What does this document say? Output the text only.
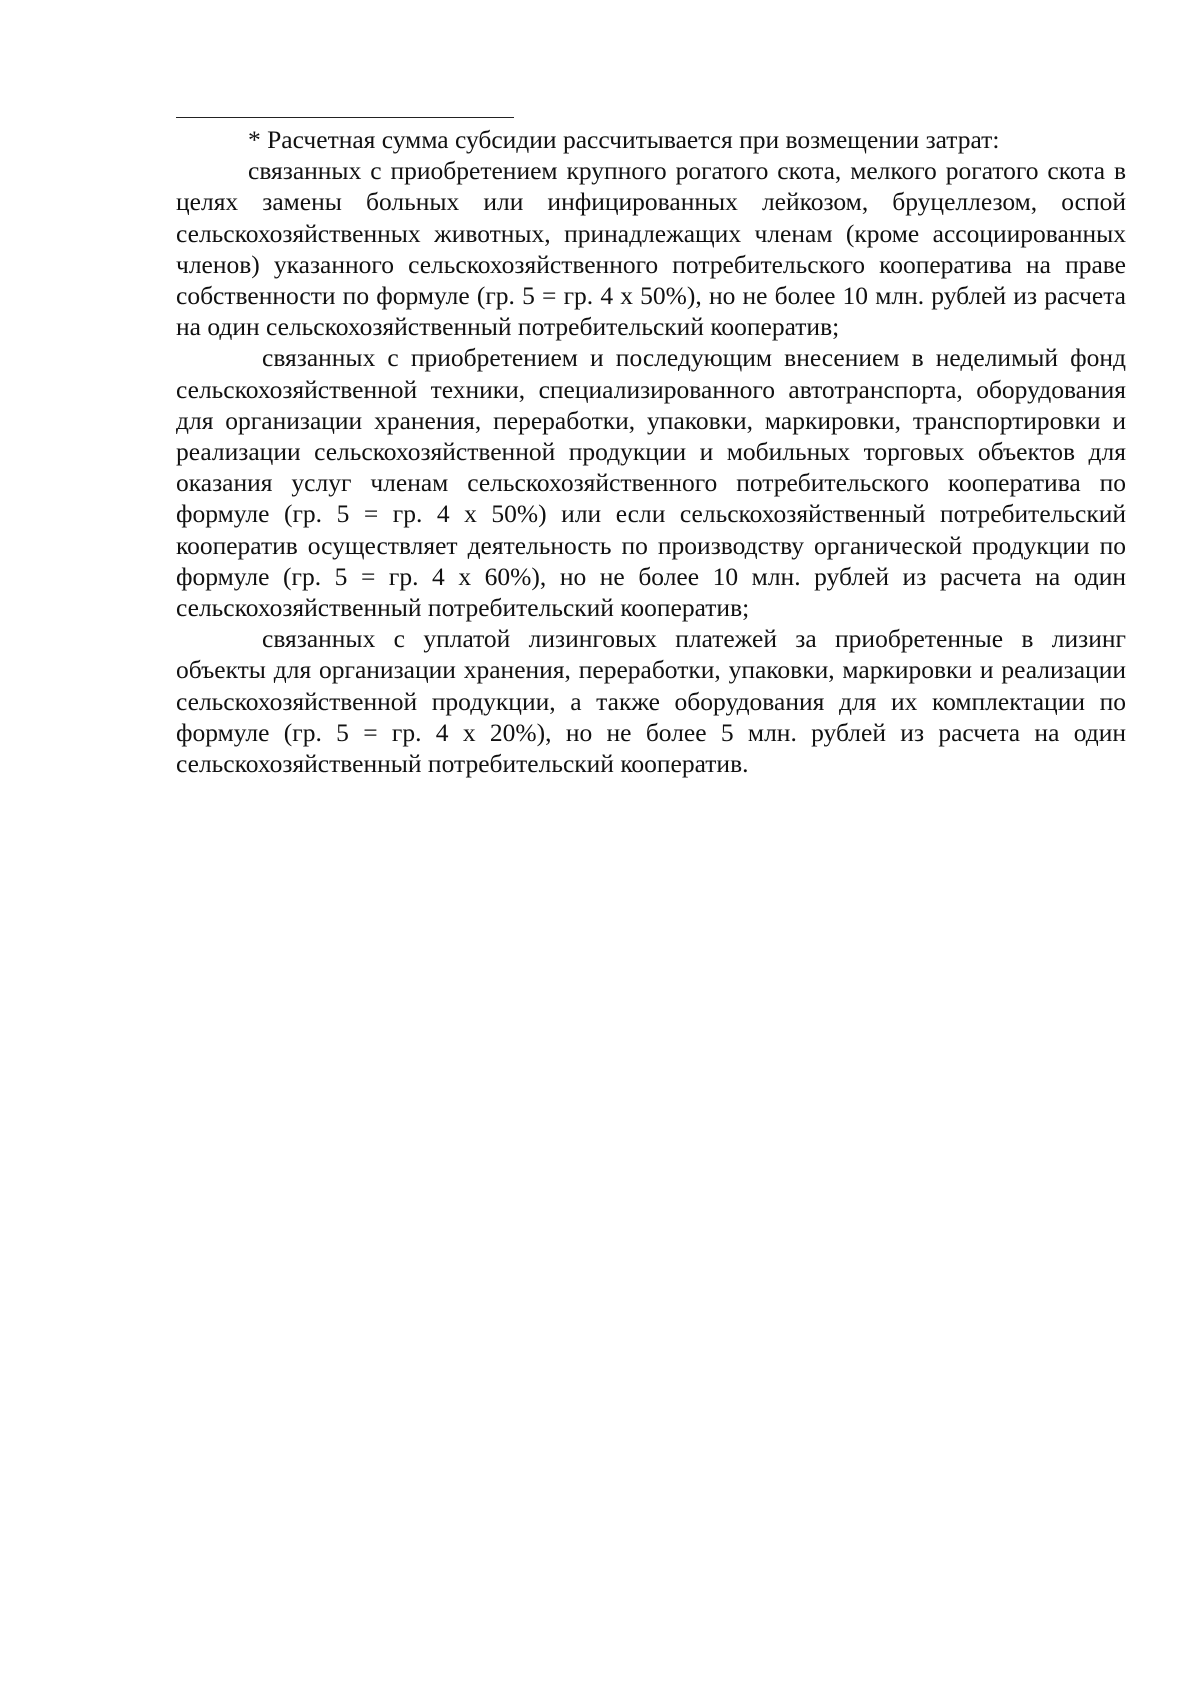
* Расчетная сумма субсидии рассчитывается при возмещении затрат:

связанных с приобретением крупного рогатого скота, мелкого рогатого скота в целях замены больных или инфицированных лейкозом, бруцеллезом, оспой сельскохозяйственных животных, принадлежащих членам (кроме ассоциированных членов) указанного сельскохозяйственного потребительского кооператива на праве собственности по формуле (гр. 5 = гр. 4 х 50%), но не более 10 млн. рублей из расчета на один сельскохозяйственный потребительский кооператив;

связанных с приобретением и последующим внесением в неделимый фонд сельскохозяйственной техники, специализированного автотранспорта, оборудования для организации хранения, переработки, упаковки, маркировки, транспортировки и реализации сельскохозяйственной продукции и мобильных торговых объектов для оказания услуг членам сельскохозяйственного потребительского кооператива по формуле (гр. 5 = гр. 4 х 50%) или если сельскохозяйственный потребительский кооператив осуществляет деятельность по производству органической продукции по формуле (гр. 5 = гр. 4 х 60%), но не более 10 млн. рублей из расчета на один сельскохозяйственный потребительский кооператив;

связанных с уплатой лизинговых платежей за приобретенные в лизинг объекты для организации хранения, переработки, упаковки, маркировки и реализации сельскохозяйственной продукции, а также оборудования для их комплектации по формуле (гр. 5 = гр. 4 х 20%), но не более 5 млн. рублей из расчета на один сельскохозяйственный потребительский кооператив.
